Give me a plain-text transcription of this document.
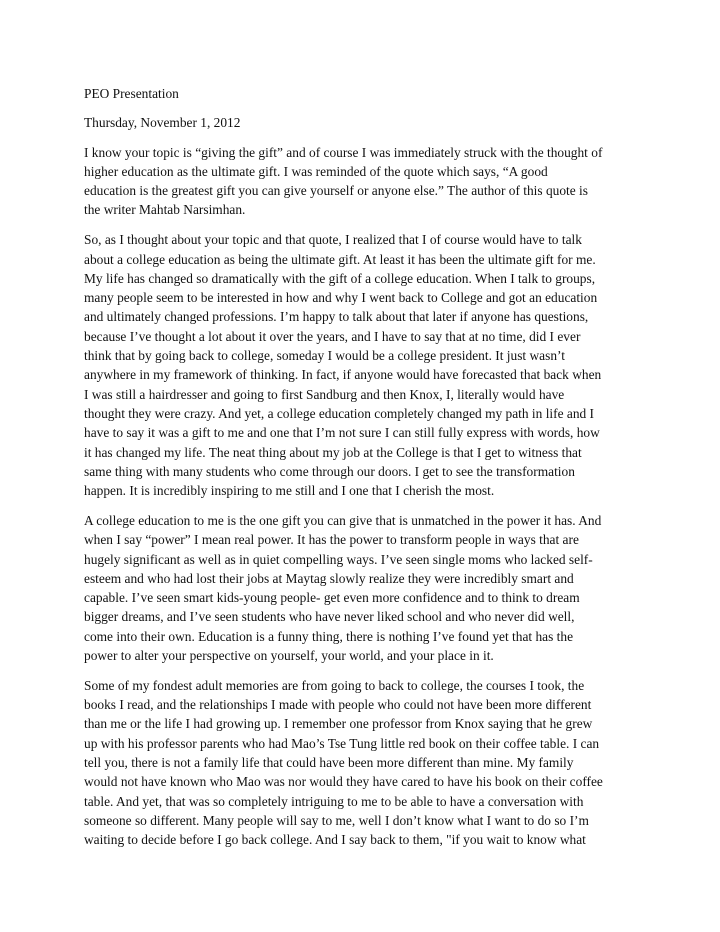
PEO Presentation
Thursday, November 1, 2012
I know your topic is “giving the gift” and of course I was immediately struck with the thought of
higher education as the ultimate gift. I was reminded of the quote which says, “A good
education is the greatest gift you can give yourself or anyone else.” The author of this quote is
the writer Mahtab Narsimhan.
So, as I thought about your topic and that quote, I realized that I of course would have to talk
about a college education as being the ultimate gift. At least it has been the ultimate gift for me.
My life has changed so dramatically with the gift of a college education. When I talk to groups,
many people seem to be interested in how and why I went back to College and got an education
and ultimately changed professions. I’m happy to talk about that later if anyone has questions,
because I’ve thought a lot about it over the years, and I have to say that at no time, did I ever
think that by going back to college, someday I would be a college president. It just wasn’t
anywhere in my framework of thinking. In fact, if anyone would have forecasted that back when
I was still a hairdresser and going to first Sandburg and then Knox, I, literally would have
thought they were crazy. And yet, a college education completely changed my path in life and I
have to say it was a gift to me and one that I’m not sure I can still fully express with words, how
it has changed my life. The neat thing about my job at the College is that I get to witness that
same thing with many students who come through our doors. I get to see the transformation
happen. It is incredibly inspiring to me still and I one that I cherish the most.
A college education to me is the one gift you can give that is unmatched in the power it has. And
when I say “power” I mean real power. It has the power to transform people in ways that are
hugely significant as well as in quiet compelling ways. I’ve seen single moms who lacked self-
esteem and who had lost their jobs at Maytag slowly realize they were incredibly smart and
capable. I’ve seen smart kids-young people- get even more confidence and to think to dream
bigger dreams, and I’ve seen students who have never liked school and who never did well,
come into their own. Education is a funny thing, there is nothing I’ve found yet that has the
power to alter your perspective on yourself, your world, and your place in it.
Some of my fondest adult memories are from going to back to college, the courses I took, the
books I read, and the relationships I made with people who could not have been more different
than me or the life I had growing up. I remember one professor from Knox saying that he grew
up with his professor parents who had Mao’s Tse Tung little red book on their coffee table. I can
tell you, there is not a family life that could have been more different than mine. My family
would not have known who Mao was nor would they have cared to have his book on their coffee
table. And yet, that was so completely intriguing to me to be able to have a conversation with
someone so different. Many people will say to me, well I don’t know what I want to do so I’m
waiting to decide before I go back college. And I say back to them, "if you wait to know what
